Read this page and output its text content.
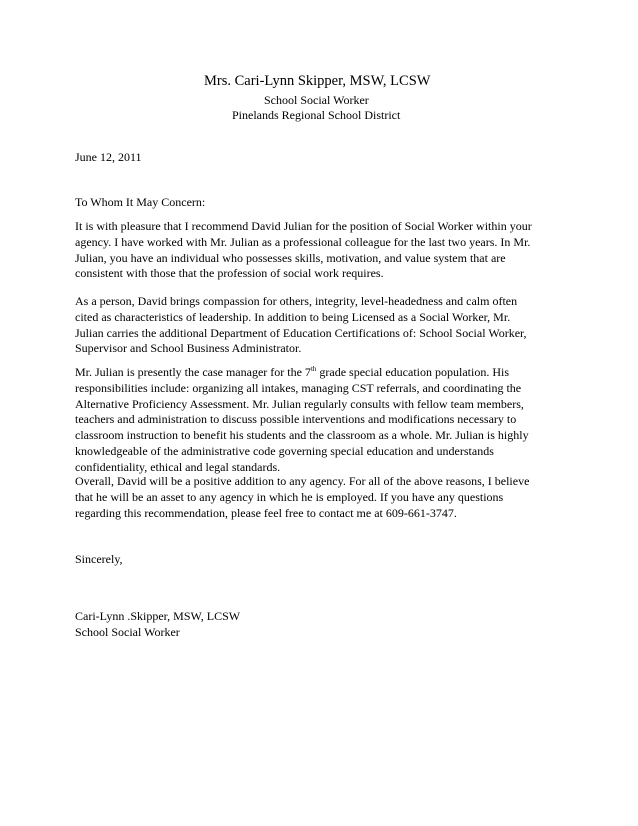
Mrs. Cari-Lynn Skipper, MSW, LCSW
School Social Worker
Pinelands Regional School District
June 12, 2011
To Whom It May Concern:
It is with pleasure that I recommend David Julian for the position of Social Worker within your
agency. I have worked with Mr. Julian as a professional colleague for the last two years. In Mr.
Julian, you have an individual who possesses skills, motivation, and value system that are
consistent with those that the profession of social work requires.
As a person, David brings compassion for others, integrity, level-headedness and calm often
cited as characteristics of leadership. In addition to being Licensed as a Social Worker, Mr.
Julian carries the additional Department of Education Certifications of: School Social Worker,
Supervisor and School Business Administrator.
Mr. Julian is presently the case manager for the 7th grade special education population. His
responsibilities include: organizing all intakes, managing CST referrals, and coordinating the
Alternative Proficiency Assessment. Mr. Julian regularly consults with fellow team members,
teachers and administration to discuss possible interventions and modifications necessary to
classroom instruction to benefit his students and the classroom as a whole. Mr. Julian is highly
knowledgeable of the administrative code governing special education and understands
confidentiality, ethical and legal standards.
Overall, David will be a positive addition to any agency. For all of the above reasons, I believe
that he will be an asset to any agency in which he is employed. If you have any questions
regarding this recommendation, please feel free to contact me at 609-661-3747.
Sincerely,
Cari-Lynn .Skipper, MSW, LCSW
School Social Worker
